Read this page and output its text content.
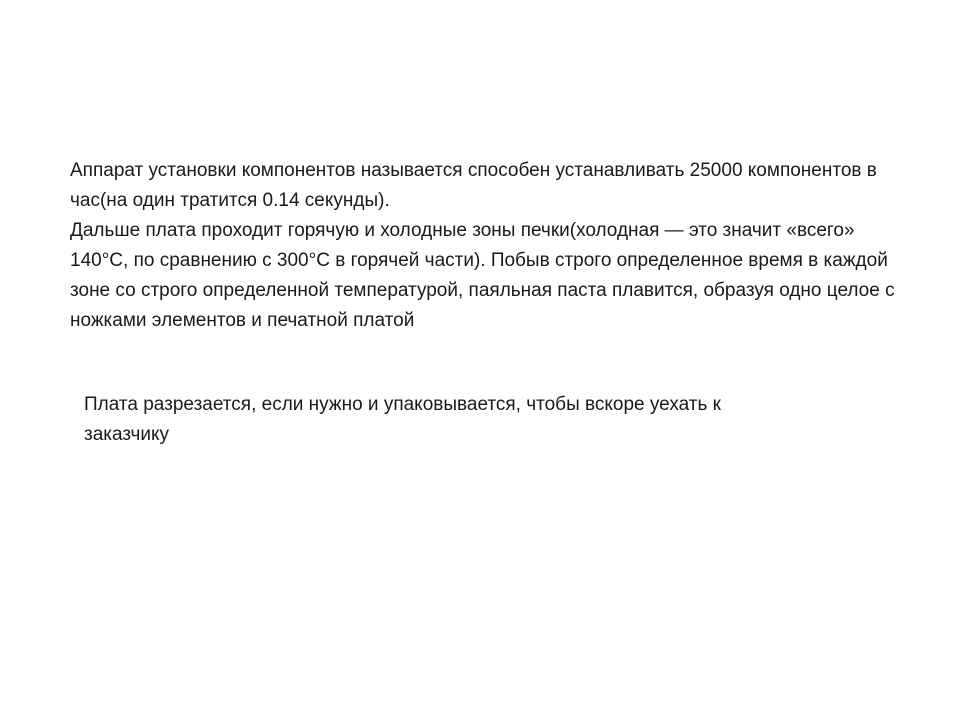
Аппарат установки компонентов называется способен устанавливать 25000 компонентов в час(на один тратится 0.14 секунды).

Дальше плата проходит горячую и холодные зоны печки(холодная — это значит «всего» 140°С, по сравнению с 300°С в горячей части). Побыв строго определенное время в каждой зоне со строго определенной температурой, паяльная паста плавится, образуя одно целое с ножками элементов и печатной платой

Плата разрезается, если нужно и упаковывается, чтобы вскоре уехать к заказчику
